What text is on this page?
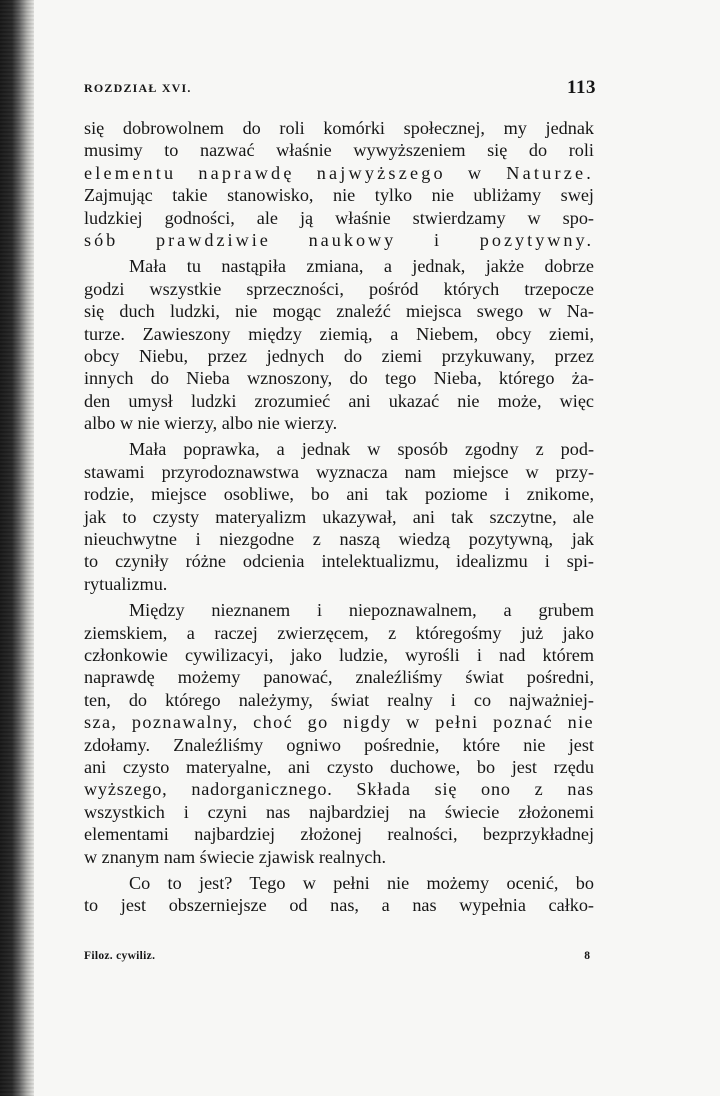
ROZDZIAŁ XVI.	113
się dobrowolnem do roli komórki społecznej, my jednak
musimy to nazwać właśnie wywyższeniem się do roli
elementu naprawdę najwyższego w Naturze.
Zajmując takie stanowisko, nie tylko nie ubliżamy swej
ludzkiej godności, ale ją właśnie stwierdzamy w spo-
sób prawdziwie naukowy i pozytywny.
Mała tu nastąpiła zmiana, a jednak, jakże dobrze
godzi wszystkie sprzeczności, pośród których trzepocze
się duch ludzki, nie mogąc znaleźć miejsca swego w Na-
turze. Zawieszony między ziemią, a Niebem, obcy ziemi,
obcy Niebu, przez jednych do ziemi przykuwany, przez
innych do Nieba wznoszony, do tego Nieba, którego ża-
den umysł ludzki zrozumieć ani ukazać nie może, więc
albo w nie wierzy, albo nie wierzy.
Mała poprawka, a jednak w sposób zgodny z pod-
stawami przyrodoznawstwa wyznacza nam miejsce w przy-
rodzie, miejsce osobliwe, bo ani tak poziome i znikome,
jak to czysty materyalizm ukazywał, ani tak szczytne, ale
nieuchwytne i niezgodne z naszą wiedzą pozytywną, jak
to czyniły różne odcienia intelektualizmu, idealizmu i spi-
rytualizmu.
Między nieznanem i niepoznawalnem, a grubem
ziemskiem, a raczej zwierzęcem, z któregośmy już jako
członkowie cywilizacyi, jako ludzie, wyrośli i nad którem
naprawdę możemy panować, znaleźliśmy świat pośredni,
ten, do którego należymy, świat realny i co najważniej-
sza, poznawalny, choć go nigdy w pełni poznać nie
zdołamy. Znaleźliśmy ogniwo pośrednie, które nie jest
ani czysto materyalne, ani czysto duchowe, bo jest rzędu
wyższego, nadorganicznego. Składa się ono z nas
wszystkich i czyni nas najbardziej na świecie złożonemi
elementami najbardziej złożonej realności, bezprzykładnej
w znanym nam świecie zjawisk realnych.
Co to jest? Tego w pełni nie możemy ocenić, bo
to jest obszerniejsze od nas, a nas wypełnia całko-
Filoz. cywiliz.	8
